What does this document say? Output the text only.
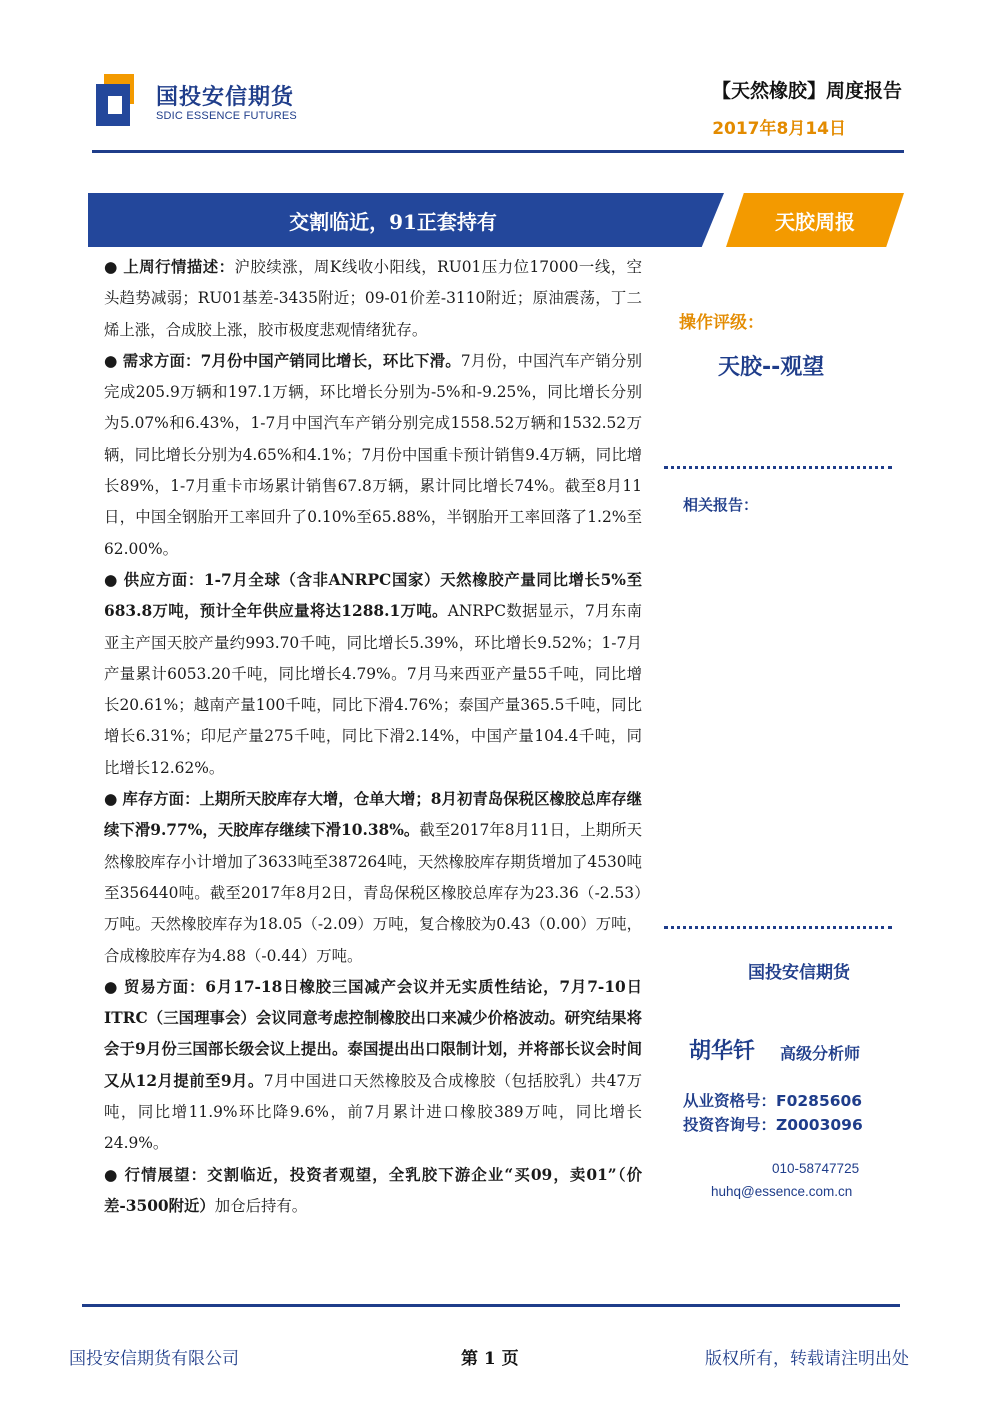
国投安信期货
SDIC ESSENCE FUTURES
【天然橡胶】周度报告
2017年8月14日
交割临近，91正套持有	天胶周报

● 上周行情描述：沪胶续涨，周K线收小阳线，RU01压力位17000一线，空头趋势减弱；RU01基差-3435附近；09-01价差-3110附近；原油震荡，丁二烯上涨，合成胶上涨，胶市极度悲观情绪犹存。

● 需求方面：7月份中国产销同比增长，环比下滑。7月份，中国汽车产销分别完成205.9万辆和197.1万辆，环比增长分别为-5%和-9.25%，同比增长分别为5.07%和6.43%，1-7月中国汽车产销分别完成1558.52万辆和1532.52万辆，同比增长分别为4.65%和4.1%；7月份中国重卡预计销售9.4万辆，同比增长89%，1-7月重卡市场累计销售67.8万辆，累计同比增长74%。截至8月11日，中国全钢胎开工率回升了0.10%至65.88%，半钢胎开工率回落了1.2%至62.00%。

● 供应方面：1-7月全球（含非ANRPC国家）天然橡胶产量同比增长5%至683.8万吨，预计全年供应量将达1288.1万吨。ANRPC数据显示，7月东南亚主产国天胶产量约993.70千吨，同比增长5.39%，环比增长9.52%；1-7月产量累计6053.20千吨，同比增长4.79%。7月马来西亚产量55千吨，同比增长20.61%；越南产量100千吨，同比下滑4.76%；泰国产量365.5千吨，同比增长6.31%；印尼产量275千吨，同比下滑2.14%，中国产量104.4千吨，同比增长12.62%。

● 库存方面：上期所天胶库存大增，仓单大增；8月初青岛保税区橡胶总库存继续下滑9.77%，天胶库存继续下滑10.38%。截至2017年8月11日，上期所天然橡胶库存小计增加了3633吨至387264吨，天然橡胶库存期货增加了4530吨至356440吨。截至2017年8月2日，青岛保税区橡胶总库存为23.36（-2.53）万吨。天然橡胶库存为18.05（-2.09）万吨，复合橡胶为0.43（0.00）万吨，合成橡胶库存为4.88（-0.44）万吨。

● 贸易方面：6月17-18日橡胶三国减产会议并无实质性结论，7月7-10日ITRC（三国理事会）会议同意考虑控制橡胶出口来减少价格波动。研究结果将会于9月份三国部长级会议上提出。泰国提出出口限制计划，并将部长议会时间又从12月提前至9月。7月中国进口天然橡胶及合成橡胶（包括胶乳）共47万吨，同比增11.9%环比降9.6%，前7月累计进口橡胶389万吨，同比增长24.9%。

● 行情展望：交割临近，投资者观望，全乳胶下游企业“买09，卖01”（价差-3500附近）加仓后持有。

操作评级：
天胶--观望
相关报告：
国投安信期货
胡华钎 高级分析师
从业资格号：F0285606
投资咨询号：Z0003096
010-58747725
huhq@essence.com.cn
国投安信期货有限公司	第 1 页	版权所有，转载请注明出处
